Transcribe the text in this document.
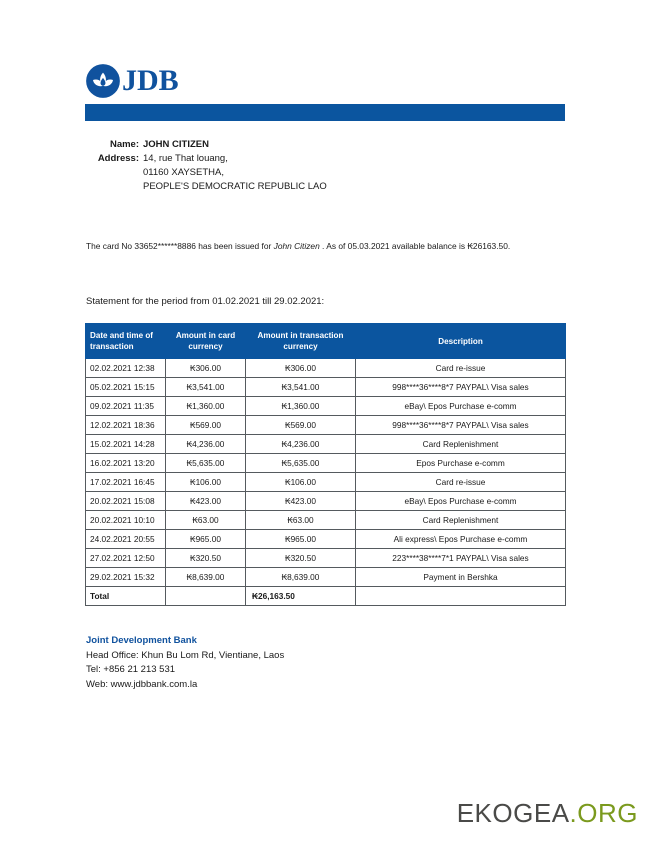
JDB
Name: JOHN CITIZEN
Address: 14, rue That louang,
01160 XAYSETHA,
PEOPLE'S DEMOCRATIC REPUBLIC LAO
The card No 33652******8886 has been issued for John Citizen . As of 05.03.2021 available balance is ₭26163.50.
Statement for the period from 01.02.2021 till 29.02.2021:
Date and time of transaction	Amount in card currency	Amount in transaction currency	Description
02.02.2021 12:38	₭306.00	₭306.00	Card re-issue
05.02.2021 15:15	₭3,541.00	₭3,541.00	998****36****8*7 PAYPAL\ Visa sales
09.02.2021 11:35	₭1,360.00	₭1,360.00	eBay\ Epos Purchase e-comm
12.02.2021 18:36	₭569.00	₭569.00	998****36****8*7 PAYPAL\ Visa sales
15.02.2021 14:28	₭4,236.00	₭4,236.00	Card Replenishment
16.02.2021 13:20	₭5,635.00	₭5,635.00	Epos Purchase e-comm
17.02.2021 16:45	₭106.00	₭106.00	Card re-issue
20.02.2021 15:08	₭423.00	₭423.00	eBay\ Epos Purchase e-comm
20.02.2021 10:10	₭63.00	₭63.00	Card Replenishment
24.02.2021 20:55	₭965.00	₭965.00	Ali express\ Epos Purchase e-comm
27.02.2021 12:50	₭320.50	₭320.50	223****38****7*1 PAYPAL\ Visa sales
29.02.2021 15:32	₭8,639.00	₭8,639.00	Payment in Bershka
Total		₭26,163.50	
Joint Development Bank
Head Office: Khun Bu Lom Rd, Vientiane, Laos
Tel: +856 21 213 531
Web: www.jdbbank.com.la
EKOGEA.ORG
